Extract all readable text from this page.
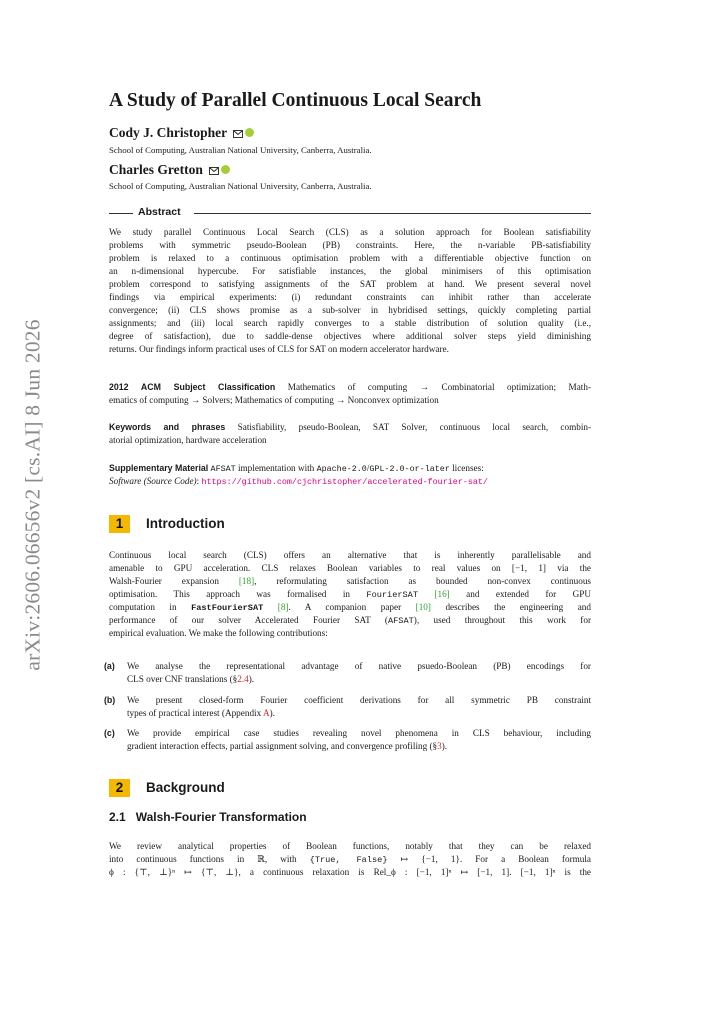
arXiv:2606.06656v2 [cs.AI] 8 Jun 2026
A Study of Parallel Continuous Local Search
Cody J. Christopher
School of Computing, Australian National University, Canberra, Australia.
Charles Gretton
School of Computing, Australian National University, Canberra, Australia.
Abstract
We study parallel Continuous Local Search (CLS) as a solution approach for Boolean satisfiability
problems with symmetric pseudo-Boolean (PB) constraints. Here, the n-variable PB-satisfiability
problem is relaxed to a continuous optimisation problem with a differentiable objective function on
an n-dimensional hypercube. For satisfiable instances, the global minimisers of this optimisation
problem correspond to satisfying assignments of the SAT problem at hand. We present several novel
findings via empirical experiments: (i) redundant constraints can inhibit rather than accelerate
convergence; (ii) CLS shows promise as a sub-solver in hybridised settings, quickly completing partial
assignments; and (iii) local search rapidly converges to a stable distribution of solution quality (i.e.,
degree of satisfaction), due to saddle-dense objectives where additional solver steps yield diminishing
returns. Our findings inform practical uses of CLS for SAT on modern accelerator hardware.
2012 ACM Subject Classification Mathematics of computing → Combinatorial optimization; Math-
ematics of computing → Solvers; Mathematics of computing → Nonconvex optimization
Keywords and phrases Satisfiability, pseudo-Boolean, SAT Solver, continuous local search, combin-
atorial optimization, hardware acceleration
Supplementary Material AFSAT implementation with Apache-2.0/GPL-2.0-or-later licenses:
Software (Source Code): https://github.com/cjchristopher/accelerated-fourier-sat/
1 Introduction
Continuous local search (CLS) offers an alternative that is inherently parallelisable and
amenable to GPU acceleration. CLS relaxes Boolean variables to real values on [−1, 1] via the
Walsh-Fourier expansion [18], reformulating satisfaction as bounded non-convex continuous
optimisation. This approach was formalised in FourierSAT [16] and extended for GPU
computation in FastFourierSAT [8]. A companion paper [10] describes the engineering and
performance of our solver Accelerated Fourier SAT (AFSAT), used throughout this work for
empirical evaluation. We make the following contributions:
(a) We analyse the representational advantage of native psuedo-Boolean (PB) encodings for
CLS over CNF translations (§2.4).
(b) We present closed-form Fourier coefficient derivations for all symmetric PB constraint
types of practical interest (Appendix A).
(c) We provide empirical case studies revealing novel phenomena in CLS behaviour, including
gradient interaction effects, partial assignment solving, and convergence profiling (§3).
2 Background
2.1 Walsh-Fourier Transformation
We review analytical properties of Boolean functions, notably that they can be relaxed
into continuous functions in ℝ, with {True, False} ↦ {−1, 1}. For a Boolean formula
ϕ : {⊤, ⊥}ⁿ ↦ {⊤, ⊥}, a continuous relaxation is Rel_ϕ : [−1, 1]ⁿ ↦ [−1, 1]. [−1, 1]ⁿ is the
